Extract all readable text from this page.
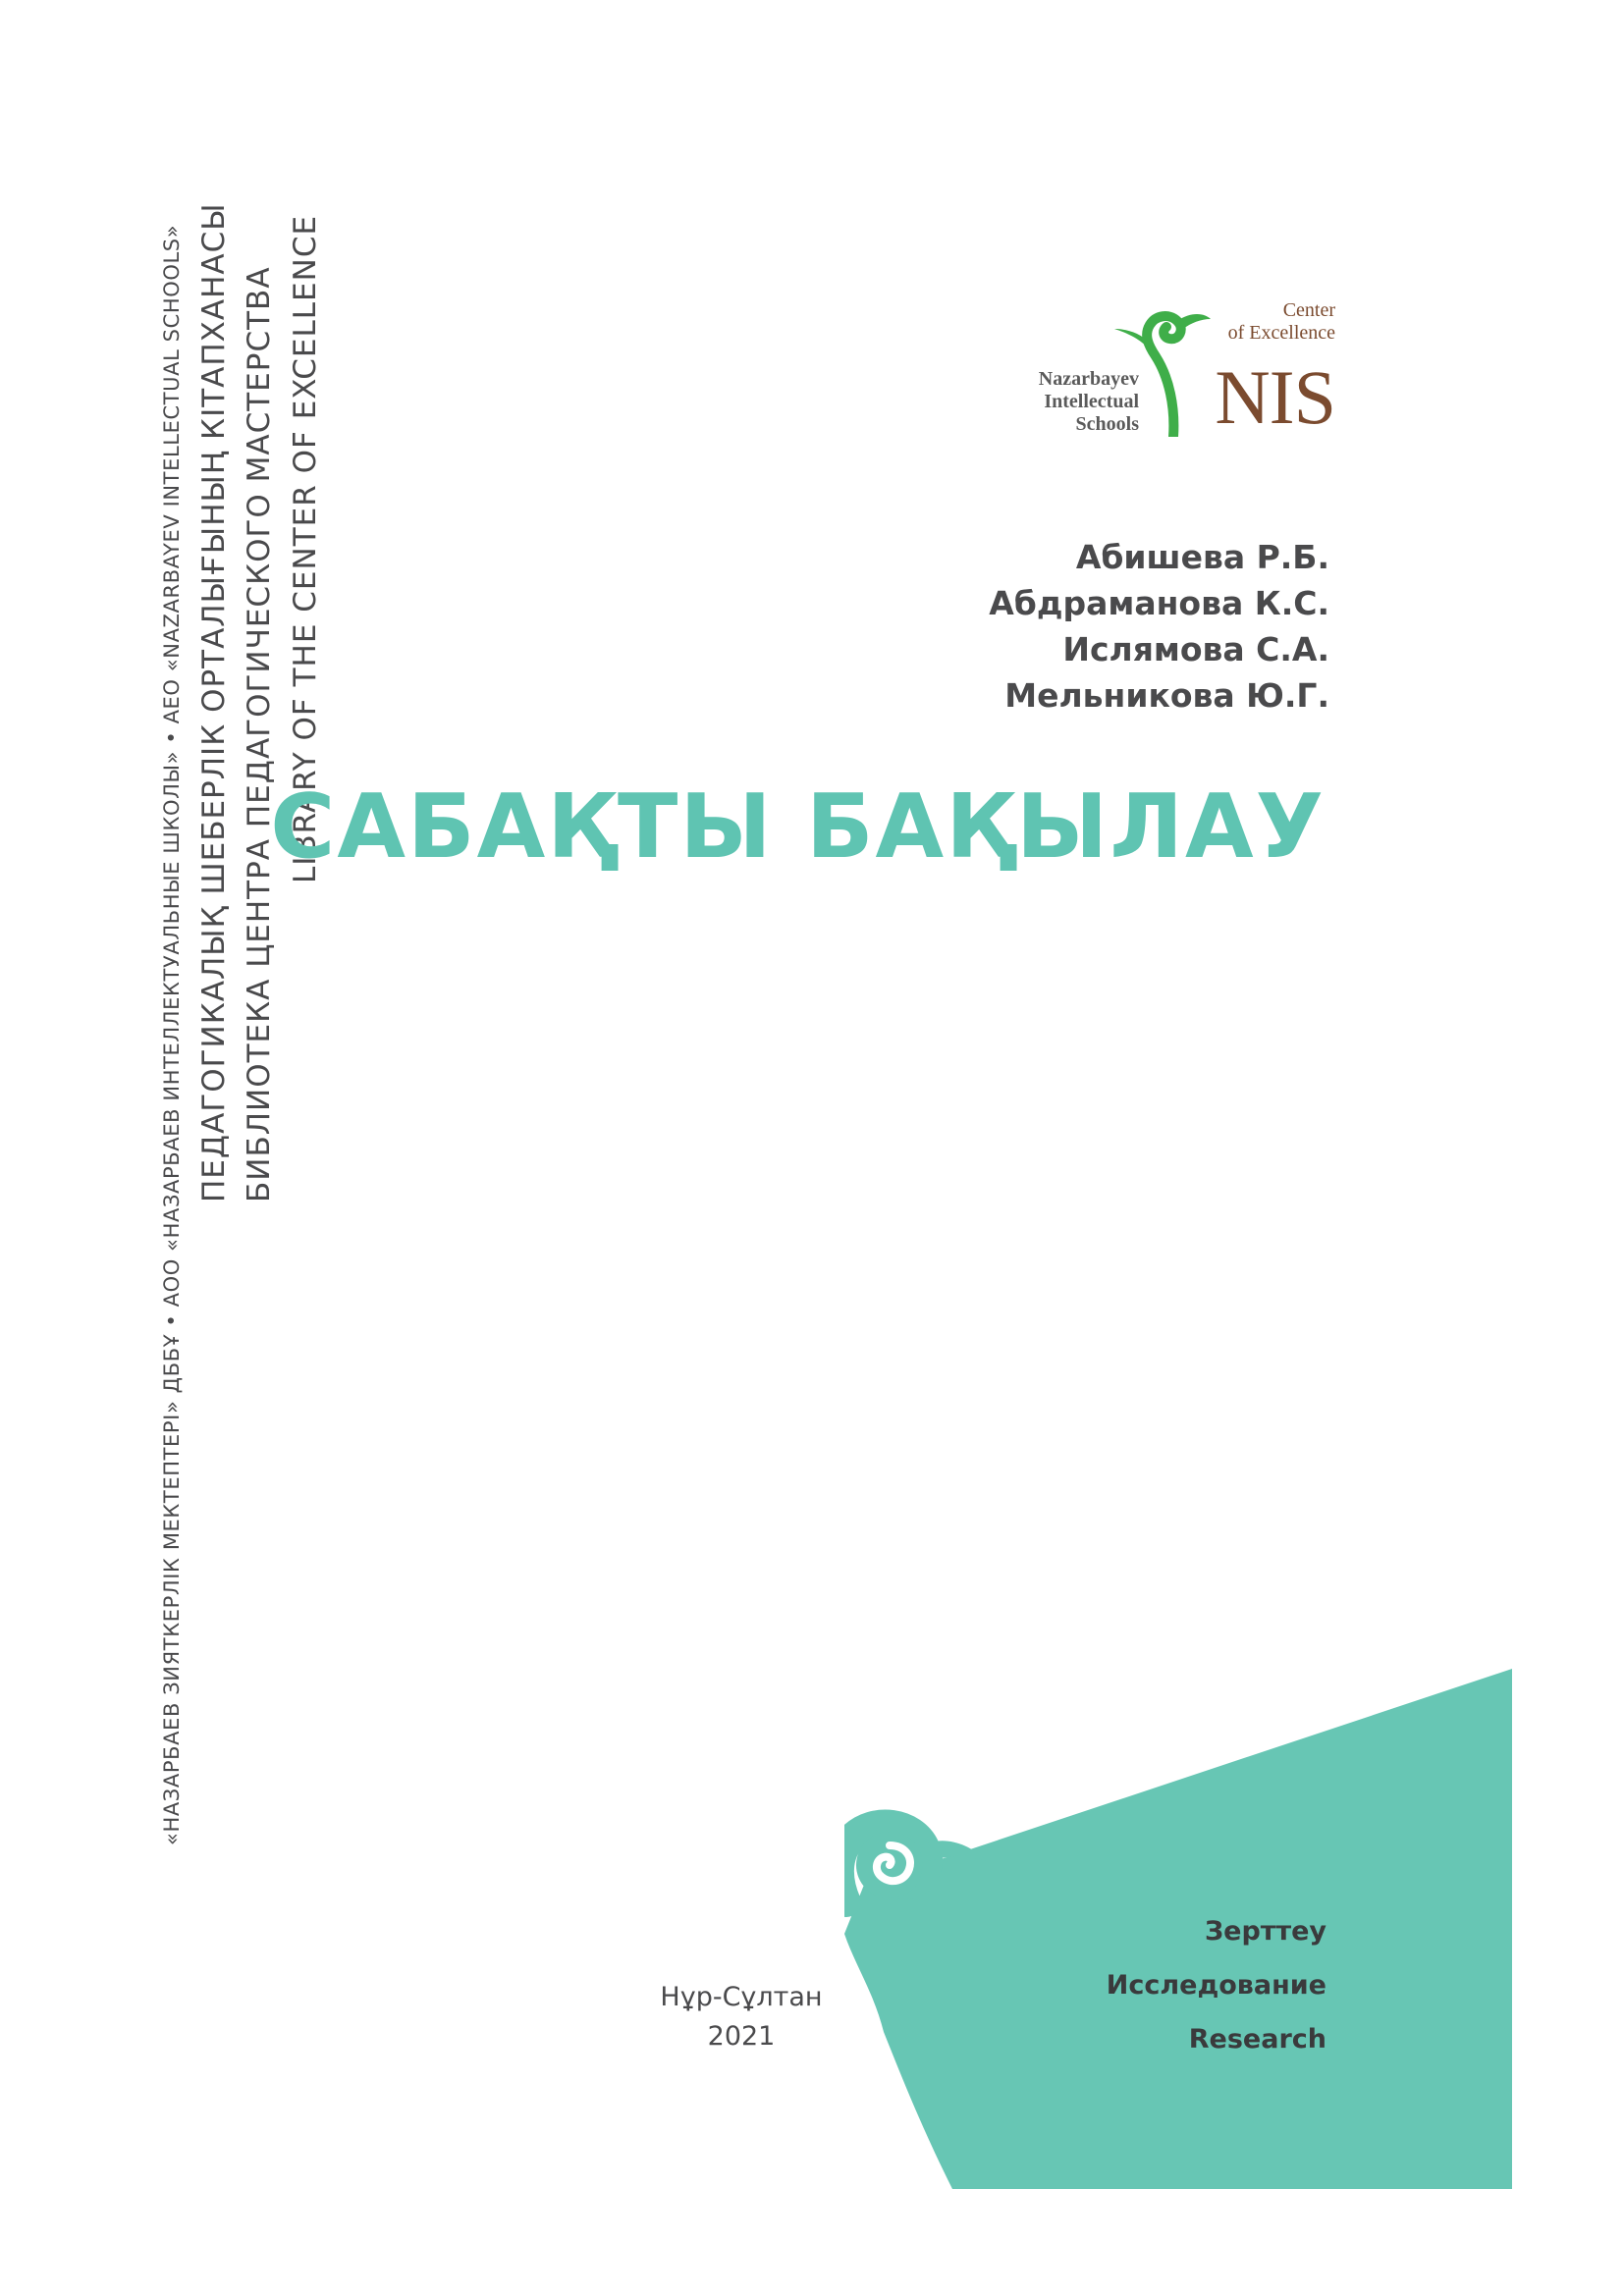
«НАЗАРБАЕВ ЗИЯТКЕРЛІК МЕКТЕПТЕРІ» ДББҰ • АОО «НАЗАРБАЕВ ИНТЕЛЛЕКТУАЛЬНЫЕ ШКОЛЫ» • AEO «NAZARBAYEV INTELLECTUAL SCHOOLS» ПЕДАГОГИКАЛЫҚ ШЕБЕРЛІК ОРТАЛЫҒЫНЫҢ КІТАПХАНАСЫ БИБЛИОТЕКА ЦЕНТРА ПЕДАГОГИЧЕСКОГО МАСТЕРСТВА LIBRARY OF THE CENTER OF EXCELLENCE	Nazarbayev
Intellectual
Schools
Center
of Excellence
NIS
Абишева Р.Б.
Абдраманова К.С.
Ислямова С.А.
Мельникова Ю.Г.
САБАҚТЫ БАҚЫЛАУ
Нұр-Сұлтан
2021
Зерттеу
Исследование
Research
